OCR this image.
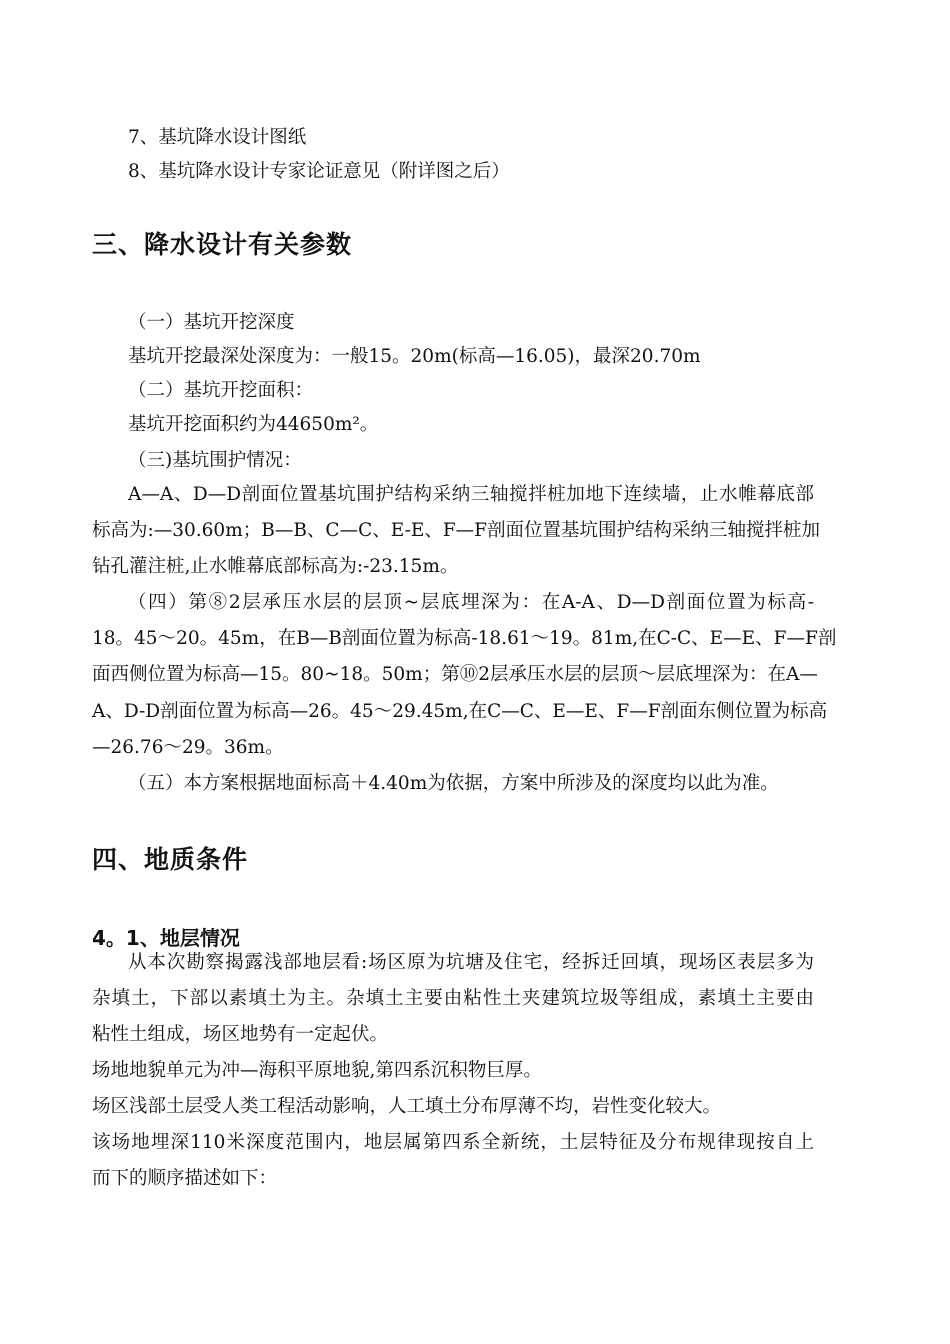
7、基坑降水设计图纸
8、基坑降水设计专家论证意见（附详图之后）
三、降水设计有关参数
（一）基坑开挖深度
基坑开挖最深处深度为：一般15。20m(标高—16.05)，最深20.70m
（二）基坑开挖面积：
基坑开挖面积约为44650m²。
（三)基坑围护情况：
A—A、D—D剖面位置基坑围护结构采纳三轴搅拌桩加地下连续墙，止水帷幕底部
标高为:—30.60m；B—B、C—C、E-E、F—F剖面位置基坑围护结构采纳三轴搅拌桩加
钻孔灌注桩,止水帷幕底部标高为:-23.15m。
（四）第⑧2层承压水层的层顶~层底埋深为：在A-A、D—D剖面位置为标高-
18。45～20。45m，在B—B剖面位置为标高-18.61～19。81m,在C-C、E—E、F—F剖
面西侧位置为标高—15。80~18。50m；第⑩2层承压水层的层顶～层底埋深为：在A—
A、D-D剖面位置为标高—26。45～29.45m,在C—C、E—E、F—F剖面东侧位置为标高
—26.76～29。36m。
（五）本方案根据地面标高＋4.40m为依据，方案中所涉及的深度均以此为准。
四、地质条件
4。1、地层情况
从本次勘察揭露浅部地层看:场区原为坑塘及住宅，经拆迁回填，现场区表层多为
杂填土，下部以素填土为主。杂填土主要由粘性土夹建筑垃圾等组成，素填土主要由
粘性土组成，场区地势有一定起伏。
场地地貌单元为冲—海积平原地貌,第四系沉积物巨厚。
场区浅部土层受人类工程活动影响，人工填土分布厚薄不均，岩性变化较大。
该场地埋深110米深度范围内，地层属第四系全新统，土层特征及分布规律现按自上
而下的顺序描述如下：
